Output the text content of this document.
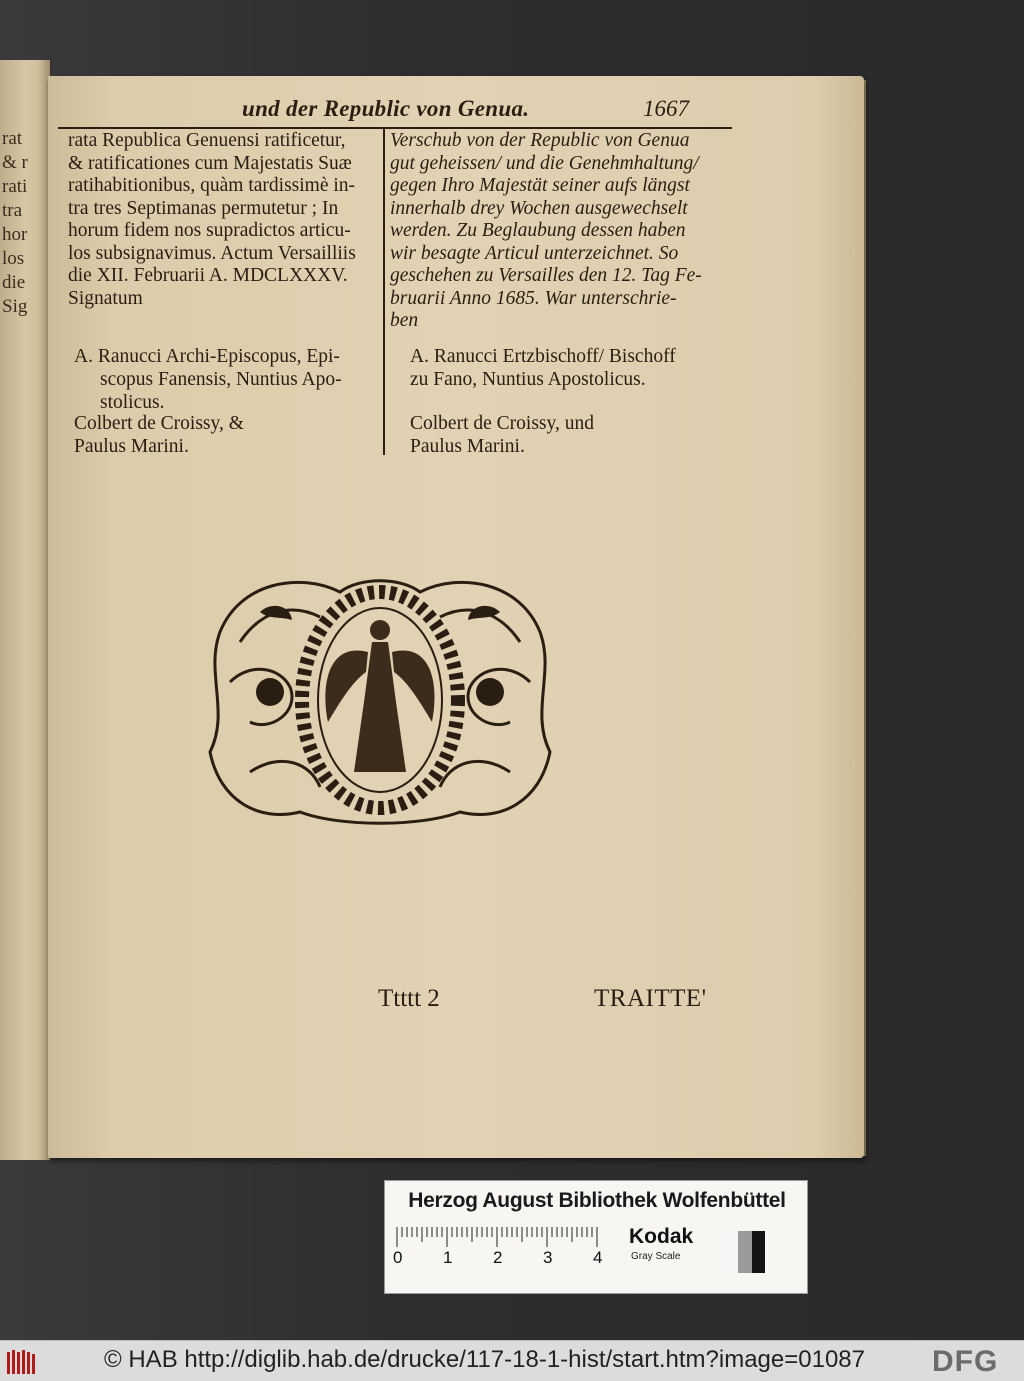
rat
& r
rati
tra
hor
los
die
Sig
und der Republic von Genua.	1667
rata Republica Genuensi ratificetur,
& ratificationes cum Majestatis Suæ
ratihabitionibus, quàm tardissimè in-
tra tres Septimanas permutetur ; In
horum fidem nos supradictos articu-
los subsignavimus. Actum Versailliis
die XII. Februarii A. MDCLXXXV.
Signatum
Verschub von der Republic von Genua
gut geheissen/ und die Genehmhaltung/
gegen Ihro Majestät seiner aufs längst
innerhalb drey Wochen ausgewechselt
werden. Zu Beglaubung dessen haben
wir besagte Articul unterzeichnet. So
geschehen zu Versailles den 12. Tag Fe-
bruarii Anno 1685. War unterschrie-
ben
A. Ranucci Archi-Episcopus, Epi-
scopus Fanensis, Nuntius Apo-
stolicus.
Colbert de Croissy, &
Paulus Marini.
A. Ranucci Ertzbischoff/ Bischoff
zu Fano, Nuntius Apostolicus.
Colbert de Croissy, und
Paulus Marini.
Ttttt 2	TRAITTE'
Herzog August Bibliothek Wolfenbüttel
0 1 2 3 4
Kodak
Gray Scale
© HAB http://diglib.hab.de/drucke/117-18-1-hist/start.htm?image=01087 DFG
